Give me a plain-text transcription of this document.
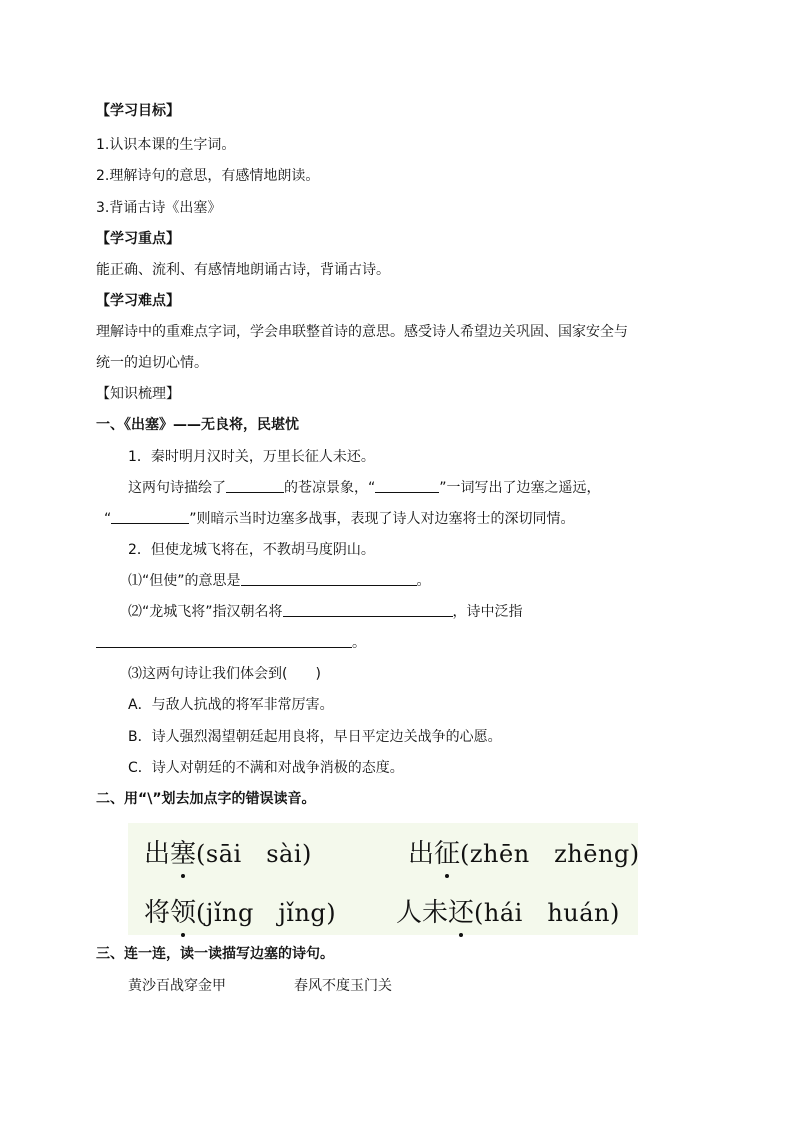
【学习目标】
1.认识本课的生字词。
2.理解诗句的意思，有感情地朗读。
3.背诵古诗《出塞》
【学习重点】
能正确、流利、有感情地朗诵古诗，背诵古诗。
【学习难点】
理解诗中的重难点字词，学会串联整首诗的意思。感受诗人希望边关巩固、国家安全与
统一的迫切心情。
【知识梳理】
一、《出塞》——无良将，民堪忧
1．秦时明月汉时关，万里长征人未还。
这两句诗描绘了	的苍凉景象，“	”一词写出了边塞之遥远，
“	”则暗示当时边塞多战事，表现了诗人对边塞将士的深切同情。
2．但使龙城飞将在，不教胡马度阴山。
⑴“但使”的意思是	。
⑵“龙城飞将”指汉朝名将	，诗中泛指
。
⑶这两句诗让我们体会到(　　)
A．与敌人抗战的将军非常厉害。
B．诗人强烈渴望朝廷起用良将，早日平定边关战争的心愿。
C．诗人对朝廷的不满和对战争消极的态度。
二、用“\”划去加点字的错误读音。
出塞(sāi　sài)	出征(zhēn　zhēng)
将领(jǐng　jǐng) 人未还(hái　huán)
三、连一连，读一读描写边塞的诗句。
黄沙百战穿金甲	春风不度玉门关
